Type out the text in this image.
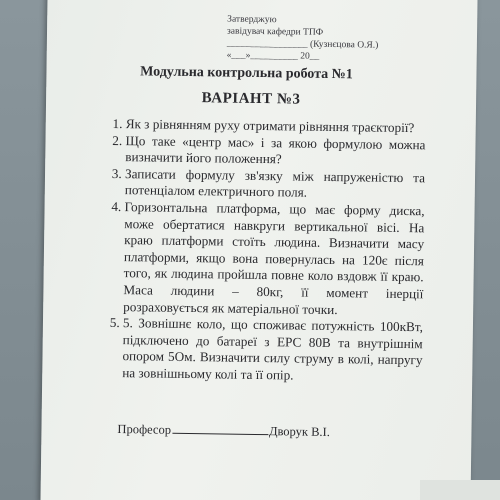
Затверджую
завідувач кафедри ТПФ
_________________ (Кузнєцова О.Я.)
«___»__________ 20__
Модульна контрольна робота №1
ВАРІАНТ №3
1. Як з рівнянням руху отримати рівняння траєкторії?
2. Що таке «центр мас» і за якою формулою можна визначити його положення?
3. Записати формулу зв'язку між напруженістю та потенціалом електричного поля.
4. Горизонтальна платформа, що має форму диска, може обертатися навкруги вертикальної вісі. На краю платформи стоїть людина. Визначити масу платформи, якщо вона повернулась на 120є після того, як людина пройшла повне коло вздовж її краю. Маса людини – 80кг, її момент інерції розраховується як матеріальної точки.
5. 5. Зовнішнє коло, що споживає потужність 100кВт, підключено до батареї з ЕРС 80В та внутрішнім опором 5Ом. Визначити силу струму в колі, напругу на зовнішньому колі та її опір.
Професор	Дворук В.І.
